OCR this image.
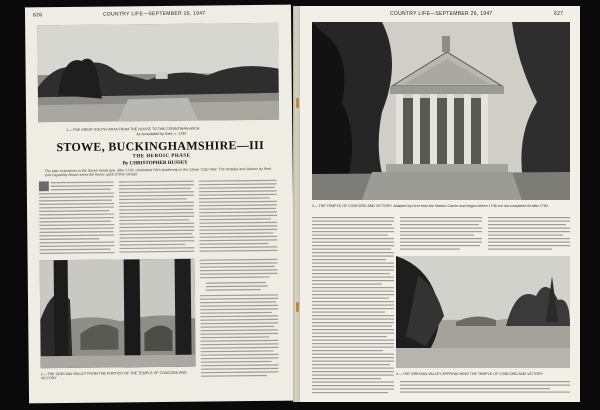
626	COUNTRY LIFE—SEPTEMBER 26, 1947
1.—THE GREAT SOUTH VISTA FROM THE HOUSE TO THE CORINTHIAN ARCH
As remodelled by Kent, c. 1740
STOWE, BUCKINGHAMSHIRE—III
THE HEROIC PHASE
By CHRISTOPHER HUSSEY
The later extensions in the Stowe landscape, after 1733, celebrated Pitt's leadership in the Stowe 'Cato' War. The temples and statues by Kent and Capability Brown show the heroic spirit of their design.
2.—THE GRECIAN VALLEY FROM THE PORTICO OF THE TEMPLE OF CONCORD AND VICTORY
COUNTRY LIFE—SEPTEMBER 26, 1947	627
3.—THE TEMPLE OF CONCORD AND VICTORY. Adapted by Kent from the Maison Carrée and begun before 1746 but not completed till after 1763
4.—THE GRECIAN VALLEY APPROACHING THE TEMPLE OF CONCORD AND VICTORY
